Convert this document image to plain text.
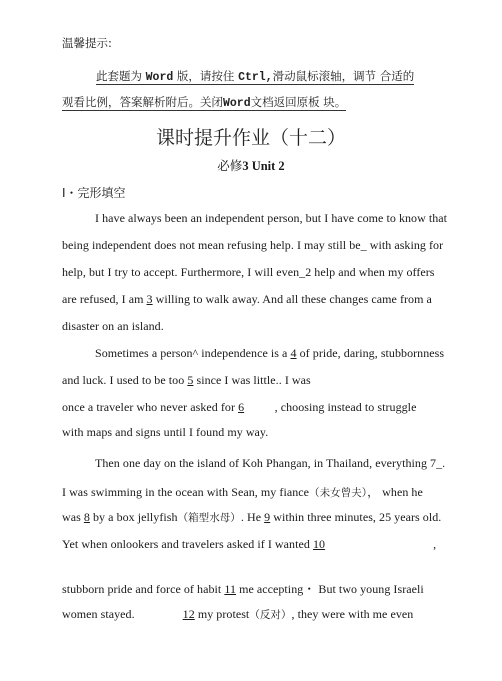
温馨提示:
此套题为 Word 版，请按住 Ctrl,滑动鼠标滚轴，调节 合适的
观看比例，答案解析附后。关闭Word文档返回原板 块。
课时提升作业（十二）
必修3 Unit 2
I・完形填空
I have always been an independent person, but I have come to know that
being independent does not mean refusing help. I may still be_ with asking for
help, but I try to accept. Furthermore, I will even_2 help and when my offers
are refused, I am 3 willing to walk away. And all these changes came from a
disaster on an island.
Sometimes a person^ independence is a 4 of pride, daring, stubbornness
and luck. I used to be too 5 since I was little.. I was
once a traveler who never asked for 6	, choosing instead to struggle
with maps and signs until I found my way.
Then one day on the island of Koh Phangan, in Thailand, everything 7_.
I was swimming in the ocean with Sean, my fiance（未女曾夫）， when he
was 8 by a box jellyfish（箱型水母）. He 9 within three minutes, 25 years old.
Yet when onlookers and travelers asked if I wanted 10	,
stubborn pride and force of habit 11 me accepting・ But two young Israeli
women stayed.	12 my protest（反对）, they were with me even
